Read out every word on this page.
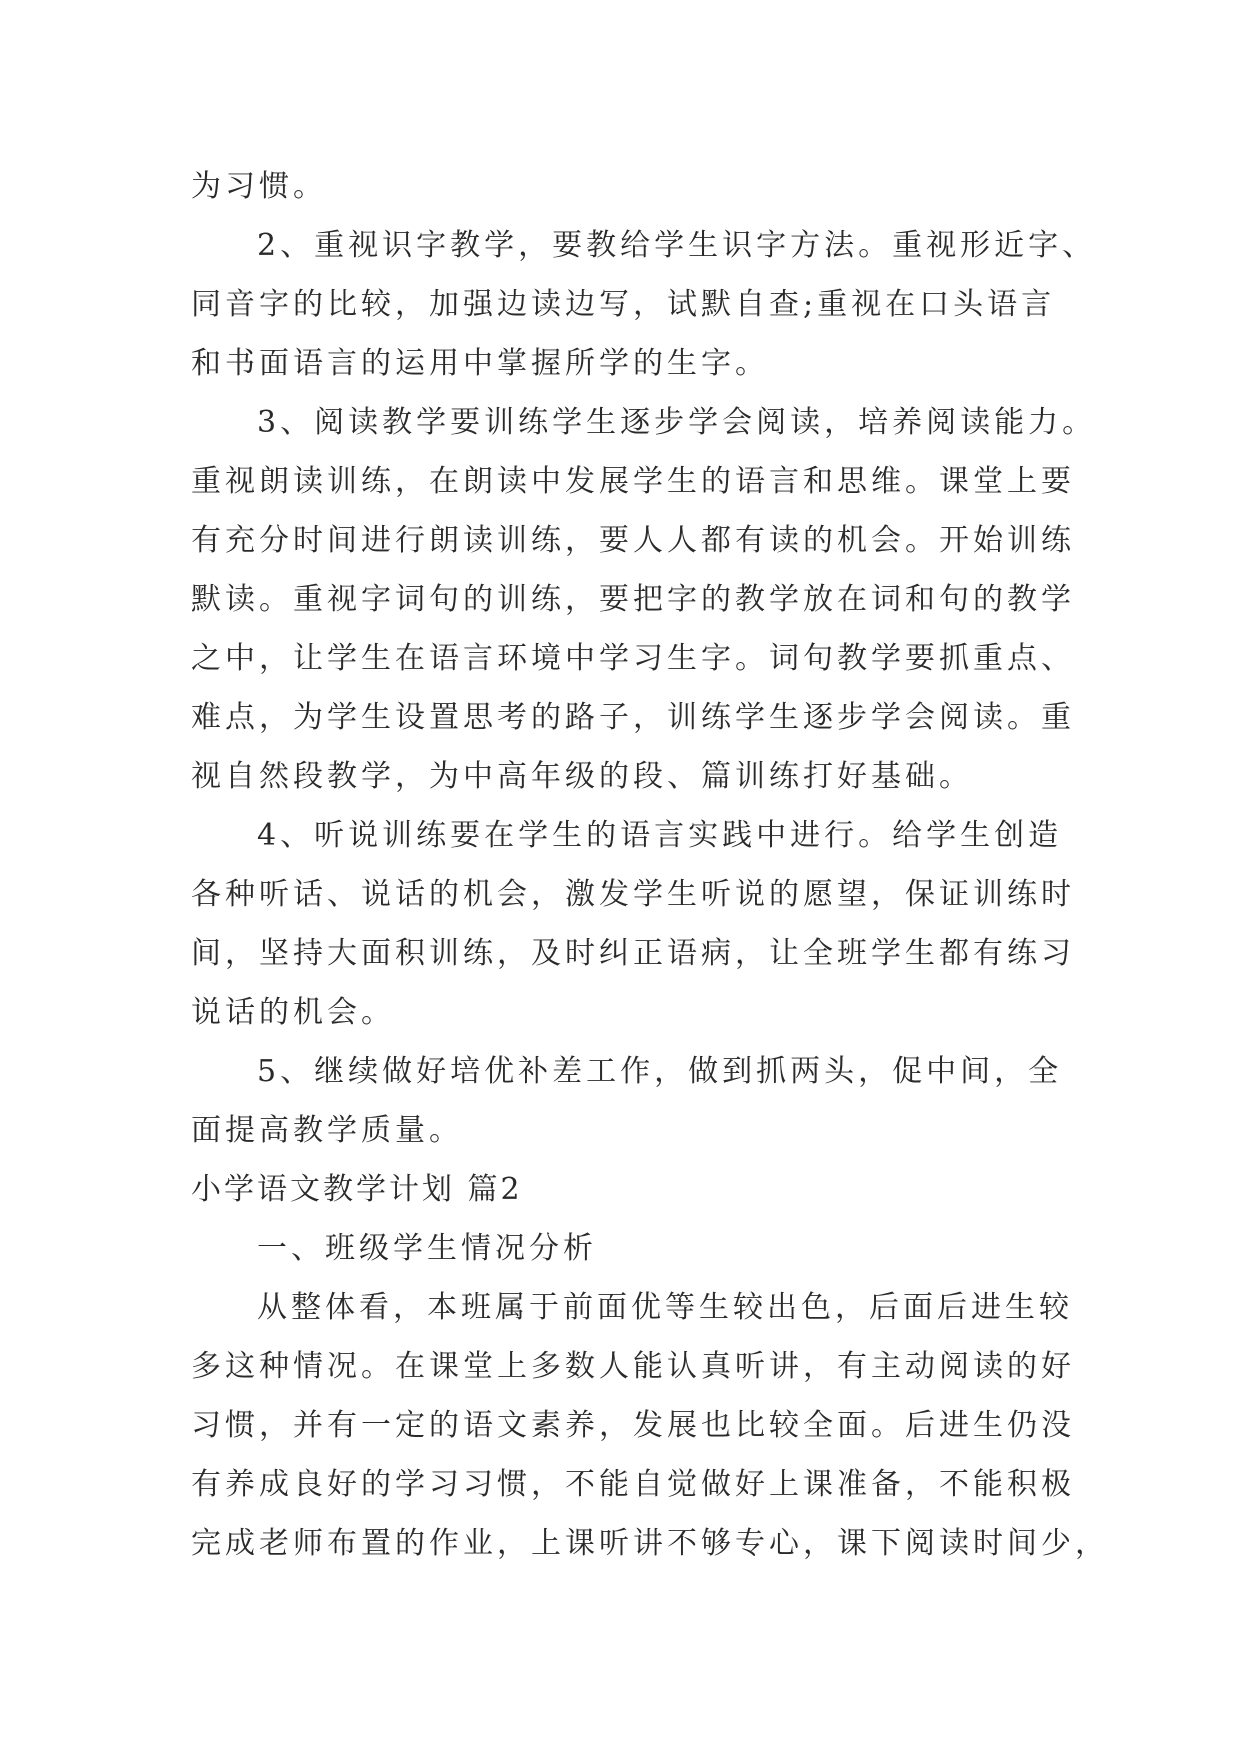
为习惯。
2、重视识字教学，要教给学生识字方法。重视形近字、
同音字的比较，加强边读边写，试默自查;重视在口头语言
和书面语言的运用中掌握所学的生字。
3、阅读教学要训练学生逐步学会阅读，培养阅读能力。
重视朗读训练，在朗读中发展学生的语言和思维。课堂上要
有充分时间进行朗读训练，要人人都有读的机会。开始训练
默读。重视字词句的训练，要把字的教学放在词和句的教学
之中，让学生在语言环境中学习生字。词句教学要抓重点、
难点，为学生设置思考的路子，训练学生逐步学会阅读。重
视自然段教学，为中高年级的段、篇训练打好基础。
4、听说训练要在学生的语言实践中进行。给学生创造
各种听话、说话的机会，激发学生听说的愿望，保证训练时
间，坚持大面积训练，及时纠正语病，让全班学生都有练习
说话的机会。
5、继续做好培优补差工作，做到抓两头，促中间，全
面提高教学质量。
小学语文教学计划 篇2
一、班级学生情况分析
从整体看，本班属于前面优等生较出色，后面后进生较
多这种情况。在课堂上多数人能认真听讲，有主动阅读的好
习惯，并有一定的语文素养，发展也比较全面。后进生仍没
有养成良好的学习习惯，不能自觉做好上课准备，不能积极
完成老师布置的作业，上课听讲不够专心，课下阅读时间少，
